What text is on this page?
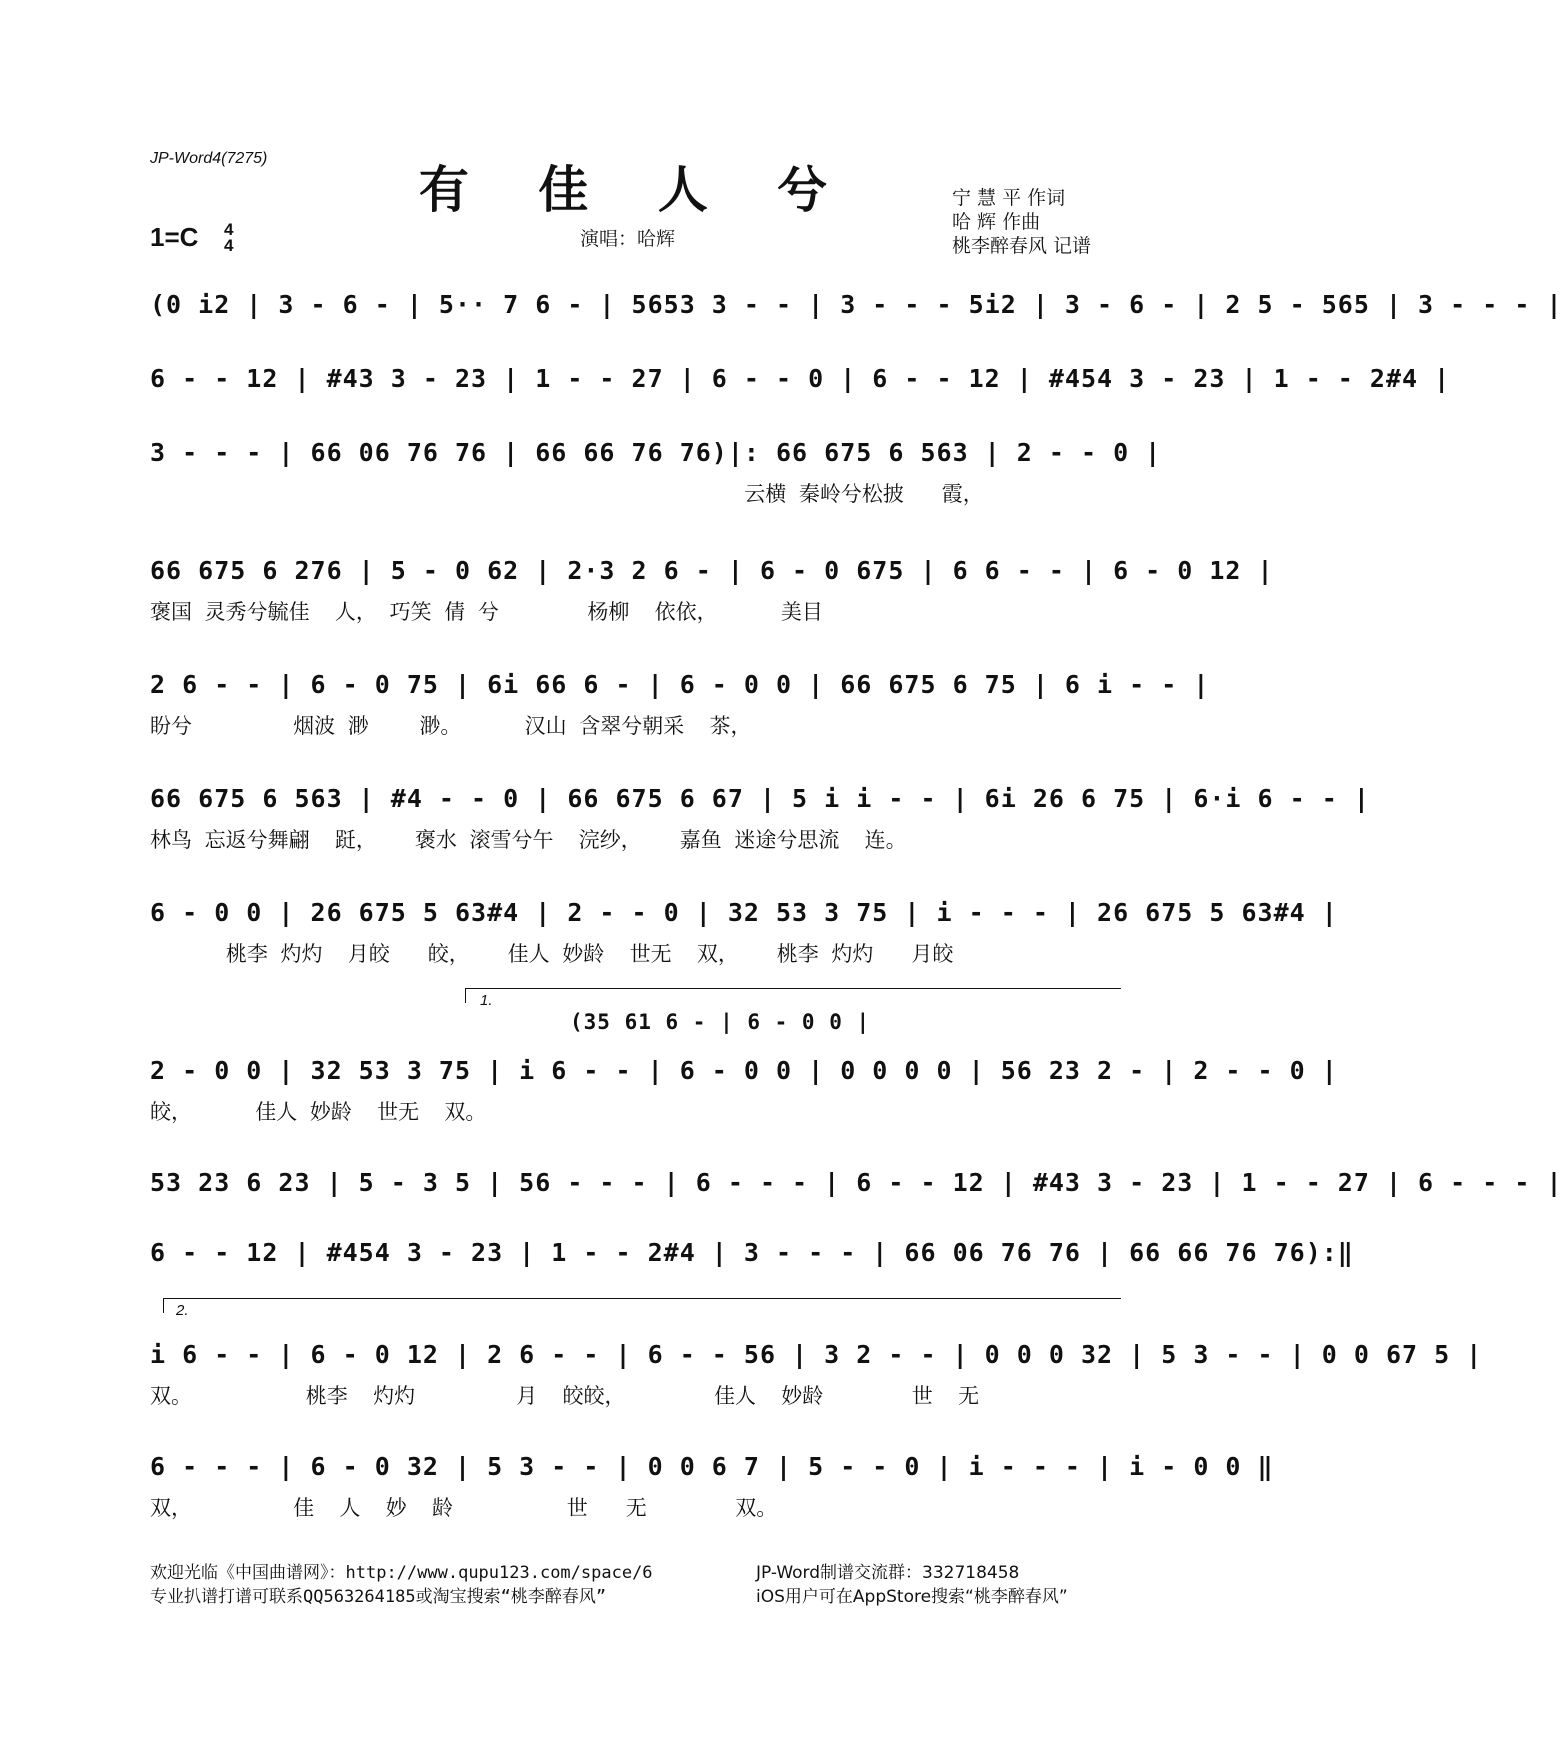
JP-Word4(7275)
有 佳 人 兮
1=C 4
4	演唱：哈辉
宁 慧 平 作词
哈 辉 作曲
桃李醉春风 记谱
(0 i2 | 3 - 6 - | 5·· 7 6 - | 5653 3 - - | 3 - - - 5i2 | 3 - 6 - | 2 5 - 565 | 3 - - - |
6 - - 12 | #43 3 - 23 | 1 - - 27 | 6 - - 0 | 6 - - 12 | #454 3 - 23 | 1 - - 2#4 |
3 - - - | 66 06 76 76 | 66 66 76 76)|: 66 675 6 563 | 2 - - 0 |
云横 秦岭兮松披   霞，
66 675 6 276 | 5 - 0 62 | 2·3 2 6 - | 6 - 0 675 | 6 6 - - | 6 - 0 12 |
褒国 灵秀兮毓佳  人， 巧笑 倩 兮       杨柳  依依，     美目
2 6 - - | 6 - 0 75 | 6i 66 6 - | 6 - 0 0 | 66 675 6 75 | 6 i - - |
盼兮        烟波 渺    渺。     汉山 含翠兮朝采  茶，
66 675 6 563 | #4 - - 0 | 66 675 6 67 | 5 i i - - | 6i 26 6 75 | 6·i 6 - - |
林鸟 忘返兮舞翩  跹，   褒水 滚雪兮午  浣纱，   嘉鱼 迷途兮思流  连。
6 - 0 0 | 26 675 5 63#4 | 2 - - 0 | 32 53 3 75 | i - - - | 26 675 5 63#4 |
桃李 灼灼  月皎   皎，   佳人 妙龄  世无  双，   桃李 灼灼   月皎
1.
(35 61 6 - | 6 - 0 0 |
2 - 0 0 | 32 53 3 75 | i 6 - - | 6 - 0 0 | 0 0 0 0 | 56 23 2 - | 2 - - 0 |
皎，     佳人 妙龄  世无  双。
53 23 6 23 | 5 - 3 5 | 56 - - - | 6 - - - | 6 - - 12 | #43 3 - 23 | 1 - - 27 | 6 - - - |
6 - - 12 | #454 3 - 23 | 1 - - 2#4 | 3 - - - | 66 06 76 76 | 66 66 76 76):‖
2.
i 6 - - | 6 - 0 12 | 2 6 - - | 6 - - 56 | 3 2 - - | 0 0 0 32 | 5 3 - - | 0 0 67 5 |
双。         桃李  灼灼        月  皎皎，       佳人  妙龄       世  无
6 - - - | 6 - 0 32 | 5 3 - - | 0 0 6 7 | 5 - - 0 | i - - - | i - 0 0 ‖
双，        佳  人  妙  龄         世   无       双。
欢迎光临《中国曲谱网》：http://www.qupu123.com/space/6
专业扒谱打谱可联系QQ563264185或淘宝搜索“桃李醉春风”
JP-Word制谱交流群：332718458
iOS用户可在AppStore搜索“桃李醉春风”
